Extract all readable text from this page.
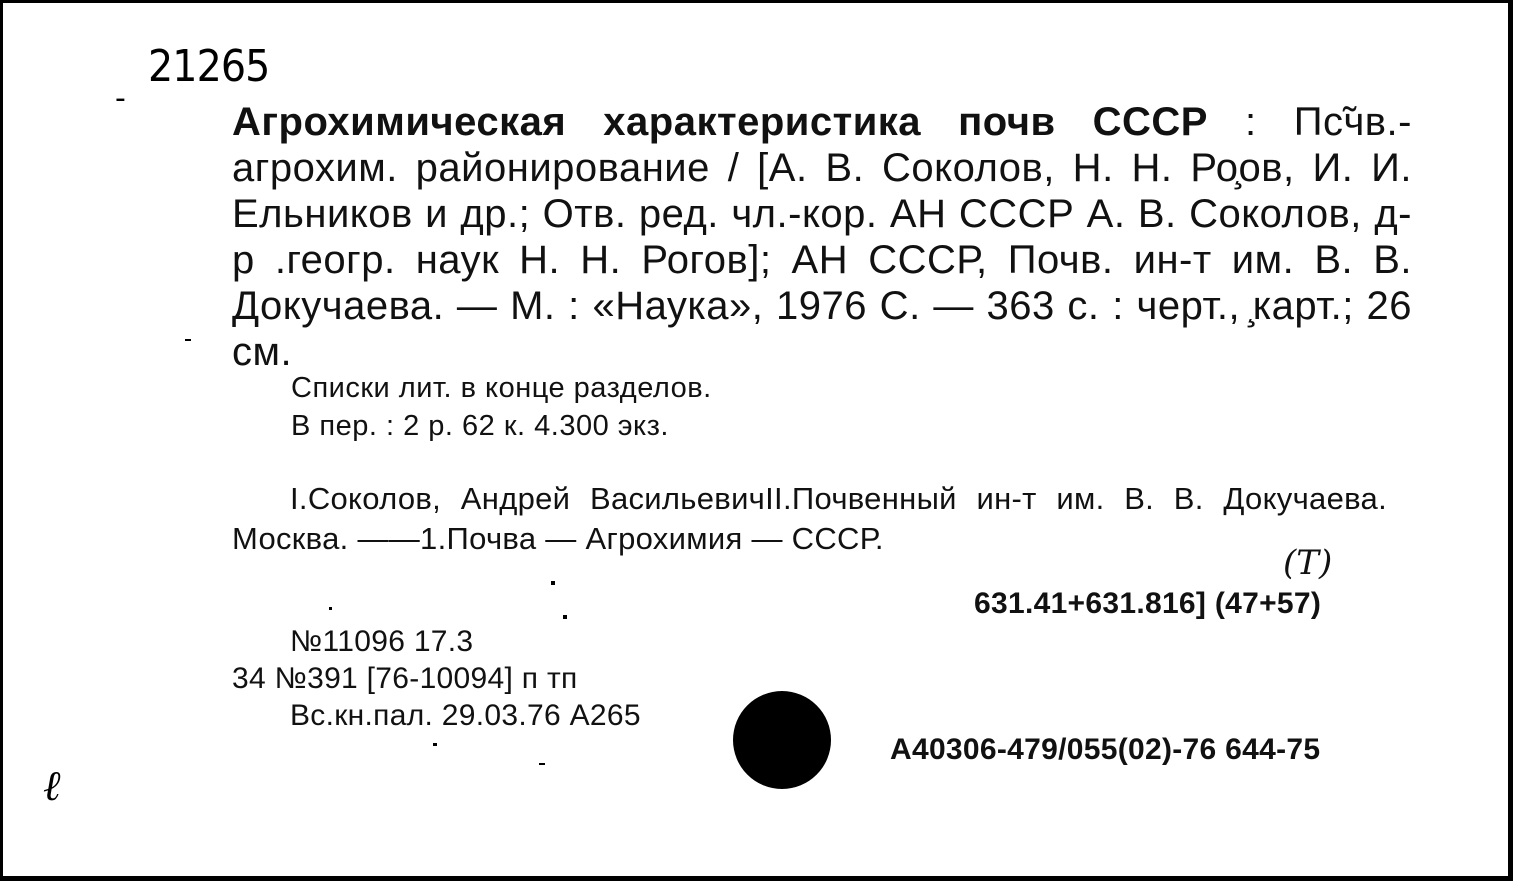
-
21265
Агрохимическая характеристика почв СССР : Пс̃чв.-агрохим. районирование / [А. В. Соколов, Н. Н. Ро̧ов, И. И. Ельников и др.; Отв. ред. чл.-кор. АН СССР А. В. Соколов, д-р .геогр. наук Н. Н. Рогов]; АН СССР, Почв. ин-т им. В. В. Докучаева. — М. : «Наука», 1976 С. — 363 с. : черт., ̧карт.; 26 см.
Списки лит. в конце разделов.
В пер. : 2 р. 62 к. 4.300 экз.
I.Соколов, Андрей ВасильевичII.Почвенный ин-т им. В. В. Докучаева. Москва. ——1.Почва — Агрохимия — СССР.
(T)
631.41+631.816] (47+57)
№11096 17.3
34 №391 [76-10094] п тп
Вс.кн.пал. 29.03.76 А265
А40306-479/055(02)-76 644-75
ℓ
